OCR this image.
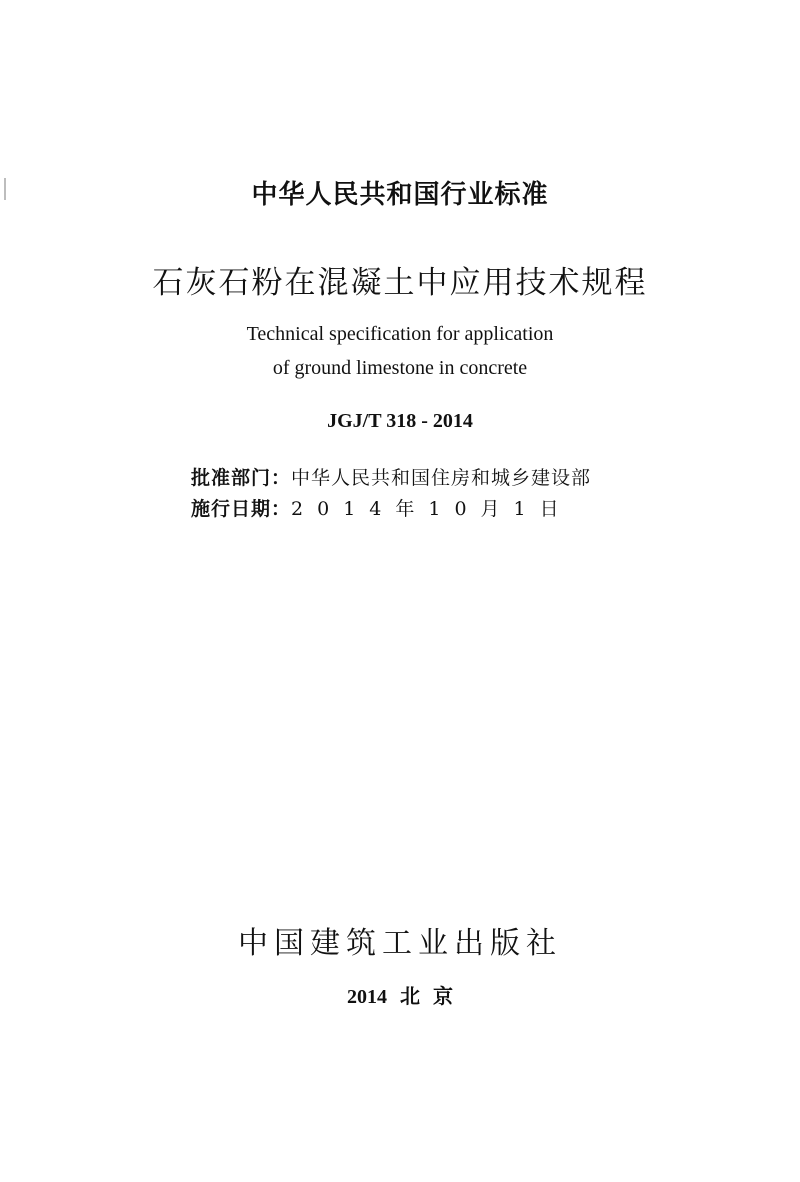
中华人民共和国行业标准
石灰石粉在混凝土中应用技术规程
Technical specification for application
of ground limestone in concrete
JGJ/T 318 - 2014
批准部门：中华人民共和国住房和城乡建设部
施行日期：2014年10月1日
中国建筑工业出版社
2014 北 京
